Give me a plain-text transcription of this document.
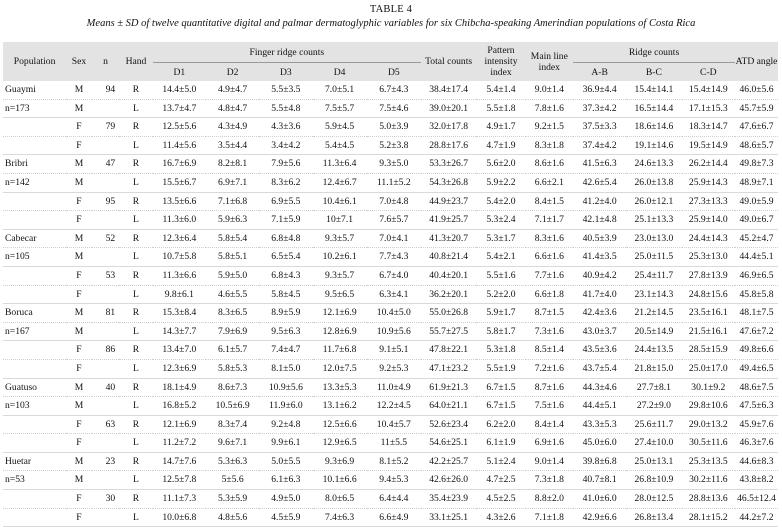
TABLE 4
Means ± SD of twelve quantitative digital and palmar dermatoglyphic variables for six Chibcha-speaking Amerindian populations of Costa Rica
Population	Sex	n	Hand	Finger ridge counts					Total counts	Pattern intensity index	Main line index	Ridge counts			ATD angle
				D1	D2	D3	D4	D5				A-B	B-C	C-D	
Guaymi	M	94	R	14.4±5.0	4.9±4.7	5.5±3.5	7.0±5.1	6.7±4.3	38.4±17.4	5.4±1.4	9.0±1.4	36.9±4.4	15.4±14.1	15.4±14.9	46.0±5.6
n=173	M		L	13.7±4.7	4.8±4.7	5.5±4.8	7.5±5.7	7.5±4.6	39.0±20.1	5.5±1.8	7.8±1.6	37.3±4.2	16.5±14.4	17.1±15.3	45.7±5.9
	F	79	R	12.5±5.6	4.3±4.9	4.3±3.6	5.9±4.5	5.0±3.9	32.0±17.8	4.9±1.7	9.2±1.5	37.5±3.3	18.6±14.6	18.3±14.7	47.6±6.7
	F		L	11.4±5.6	3.5±4.4	3.4±4.2	5.4±4.5	5.2±3.8	28.8±17.6	4.7±1.9	8.3±1.8	37.4±4.2	19.1±14.6	19.5±14.9	48.6±5.7
Bribri	M	47	R	16.7±6.9	8.2±8.1	7.9±5.6	11.3±6.4	9.3±5.0	53.3±26.7	5.6±2.0	8.6±1.6	41.5±6.3	24.6±13.3	26.2±14.4	49.8±7.3
n=142	M		L	15.5±6.7	6.9±7.1	8.3±6.2	12.4±6.7	11.1±5.2	54.3±26.8	5.9±2.2	6.6±2.1	42.6±5.4	26.0±13.8	25.9±14.3	48.9±7.1
	F	95	R	13.5±6.6	7.1±6.8	6.9±5.5	10.4±6.1	7.0±4.8	44.9±23.7	5.4±2.0	8.4±1.5	41.2±4.0	26.0±12.1	27.3±13.3	49.0±5.9
	F		L	11.3±6.0	5.9±6.3	7.1±5.9	10±7.1	7.6±5.7	41.9±25.7	5.3±2.4	7.1±1.7	42.1±4.8	25.1±13.3	25.9±14.0	49.0±6.7
Cabecar	M	52	R	12.3±6.4	5.8±5.4	6.8±4.8	9.3±5.7	7.0±4.1	41.3±20.7	5.3±1.7	8.3±1.6	40.5±3.9	23.0±13.0	24.4±14.3	45.2±4.7
n=105	M		L	10.7±5.8	5.8±5.1	6.5±5.4	10.2±6.1	7.7±4.3	40.8±21.4	5.4±2.1	6.6±1.6	41.4±3.5	25.0±11.5	25.3±13.0	44.4±5.1
	F	53	R	11.3±6.6	5.9±5.0	6.8±4.3	9.3±5.7	6.7±4.0	40.4±20.1	5.5±1.6	7.7±1.6	40.9±4.2	25.4±11.7	27.8±13.9	46.9±6.5
	F		L	9.8±6.1	4.6±5.5	5.8±4.5	9.5±6.5	6.3±4.1	36.2±20.1	5.2±2.0	6.6±1.8	41.7±4.0	23.1±14.3	24.8±15.6	45.8±5.8
Boruca	M	81	R	15.3±8.4	8.3±6.5	8.9±5.9	12.1±6.9	10.4±5.0	55.0±26.8	5.9±1.7	8.7±1.5	42.4±3.6	21.2±14.5	23.5±16.1	48.1±7.5
n=167	M		L	14.3±7.7	7.9±6.9	9.5±6.3	12.8±6.9	10.9±5.6	55.7±27.5	5.8±1.7	7.3±1.6	43.0±3.7	20.5±14.9	21.5±16.1	47.6±7.2
	F	86	R	13.4±7.0	6.1±5.7	7.4±4.7	11.7±6.8	9.1±5.1	47.8±22.1	5.3±1.8	8.5±1.4	43.5±3.6	24.4±13.5	28.5±15.9	49.8±6.6
	F		L	12.3±6.9	5.8±5.3	8.1±5.0	12.0±7.5	9.2±5.3	47.1±23.2	5.5±1.9	7.2±1.6	43.7±5.4	21.8±15.0	25.0±17.0	49.4±6.5
Guatuso	M	40	R	18.1±4.9	8.6±7.3	10.9±5.6	13.3±5.3	11.0±4.9	61.9±21.3	6.7±1.5	8.7±1.6	44.3±4.6	27.7±8.1	30.1±9.2	48.6±7.5
n=103	M		L	16.8±5.2	10.5±6.9	11.9±6.0	13.1±6.2	12.2±4.5	64.0±21.1	6.7±1.5	7.5±1.6	44.4±5.1	27.2±9.0	29.8±10.6	47.5±6.3
	F	63	R	12.1±6.9	8.3±7.4	9.2±4.8	12.5±6.6	10.4±5.7	52.6±23.4	6.2±2.0	8.4±1.4	43.3±5.3	25.6±11.7	29.0±13.2	45.9±7.6
	F		L	11.2±7.2	9.6±7.1	9.9±6.1	12.9±6.5	11±5.5	54.6±25.1	6.1±1.9	6.9±1.6	45.0±6.0	27.4±10.0	30.5±11.6	46.3±7.6
Huetar	M	23	R	14.7±7.6	5.3±6.3	5.0±5.5	9.3±6.9	8.1±5.2	42.2±25.7	5.1±2.4	9.0±1.4	39.8±6.8	25.0±13.1	25.3±13.5	44.6±8.3
n=53	M		L	12.5±7.8	5±5.6	6.1±6.3	10.1±6.6	9.4±5.3	42.6±26.0	4.7±2.5	7.3±1.8	40.7±8.1	26.8±10.9	30.2±11.6	43.8±8.2
	F	30	R	11.1±7.3	5.3±5.9	4.9±5.0	8.0±6.5	6.4±4.4	35.4±23.9	4.5±2.5	8.8±2.0	41.0±6.0	28.0±12.5	28.8±13.6	46.5±12.4
	F		L	10.0±6.8	4.8±5.6	4.5±5.9	7.4±6.3	6.6±4.9	33.1±25.1	4.3±2.6	7.1±1.8	42.9±6.6	26.8±13.4	28.1±15.2	44.2±7.2
